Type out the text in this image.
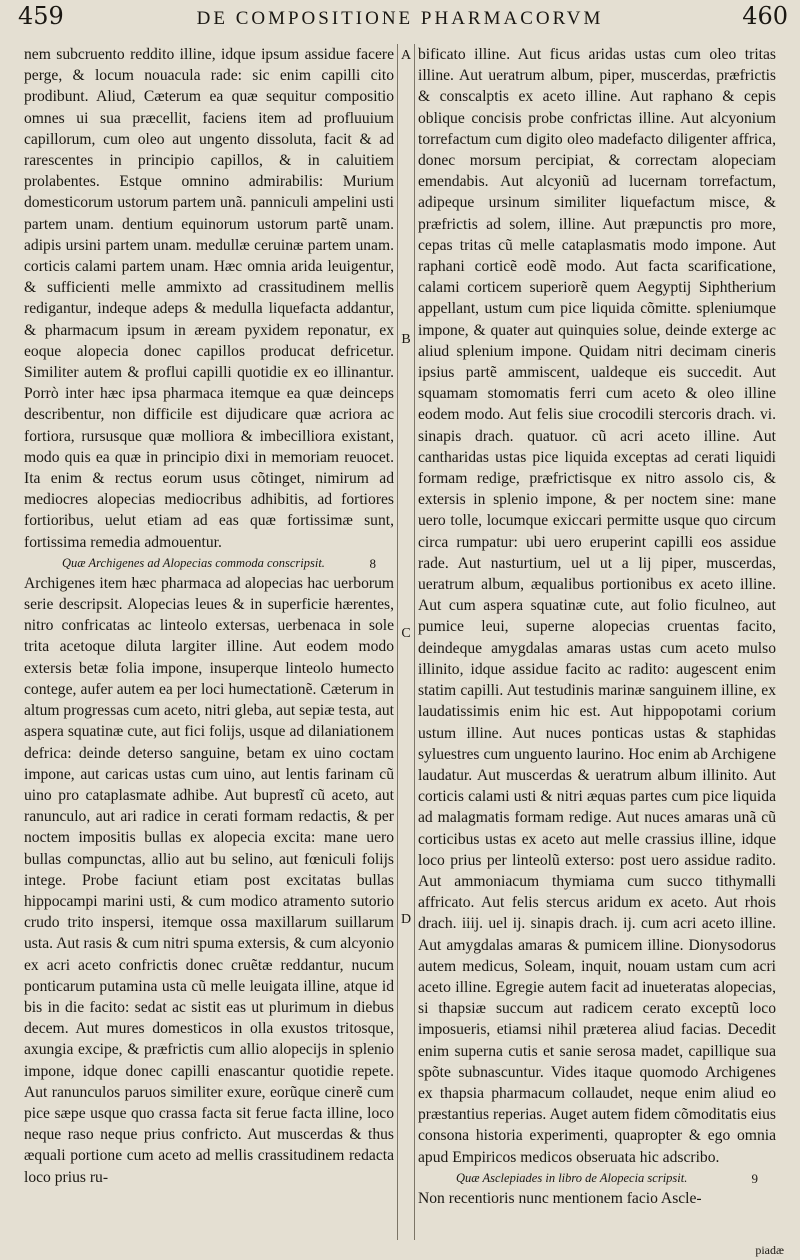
459	DE COMPOSITIONE PHARMACORVM	460
A
B
C
D

nem subcruento reddito illine, idque ipsum assidue facere perge, & locum nouacula rade: sic enim capilli cito prodibunt. Aliud, Cæterum ea quæ sequitur compositio omnes ui sua præcellit, faciens item ad profluuium capillorum, cum oleo aut ungento dissoluta, facit & ad rarescentes in principio capillos, & in caluitiem prolabentes. Estque omnino admirabilis: Murium domesticorum ustorum partem unã. panniculi ampelini usti partem unam. dentium equinorum ustorum partẽ unam. adipis ursini partem unam. medullæ ceruinæ partem unam. corticis calami partem unam. Hæc omnia arida leuigentur, & sufficienti melle ammixto ad crassitudinem mellis redigantur, indeque adeps & medulla liquefacta addantur, & pharmacum ipsum in æream pyxidem reponatur, ex eoque alopecia donec capillos producat defricetur. Similiter autem & proflui capilli quotidie ex eo illinantur. Porrò inter hæc ipsa pharmaca itemque ea quæ deinceps describentur, non difficile est dijudicare quæ acriora ac fortiora, rursusque quæ molliora & imbecilliora existant, modo quis ea quæ in principio dixi in memoriam reuocet. Ita enim & rectus eorum usus cõtinget, nimirum ad mediocres alopecias mediocribus adhibitis, ad fortiores fortioribus, uelut etiam ad eas quæ fortissimæ sunt, fortissima remedia admouentur.

Quæ Archigenes ad Alopecias commoda conscripsit.	8

Archigenes item hæc pharmaca ad alopecias hac uerborum serie descripsit. Alopecias leues & in superficie hærentes, nitro confricatas ac linteolo extersas, uerbenaca in sole trita acetoque diluta largiter illine. Aut eodem modo extersis betæ folia impone, insuperque linteolo humecto contege, aufer autem ea per loci humectationẽ. Cæterum in altum progressas cum aceto, nitri gleba, aut sepiæ testa, aut aspera squatinæ cute, aut fici folijs, usque ad dilaniationem defrica: deinde deterso sanguine, betam ex uino coctam impone, aut caricas ustas cum uino, aut lentis farinam cũ uino pro cataplasmate adhibe. Aut buprestĩ cũ aceto, aut ranunculo, aut ari radice in cerati formam redactis, & per noctem impositis bullas ex alopecia excita: mane uero bullas compunctas, allio aut bu selino, aut fœniculi folijs intege. Probe faciunt etiam post excitatas bullas hippocampi marini usti, & cum modico atramento sutorio crudo trito inspersi, itemque ossa maxillarum suillarum usta. Aut rasis & cum nitri spuma extersis, & cum alcyonio ex acri aceto confrictis donec cruẽtæ reddantur, nucum ponticarum putamina usta cũ melle leuigata illine, atque id bis in die facito: sedat ac sistit eas ut plurimum in diebus decem. Aut mures domesticos in olla exustos tritosque, axungia excipe, & præfrictis cum allio alopecijs in splenio impone, idque donec capilli enascantur quotidie repete. Aut ranunculos paruos similiter exure, eorũque cinerẽ cum pice sæpe usque quo crassa facta sit ferue facta illine, loco neque raso neque prius confricto. Aut muscerdas & thus æquali portione cum aceto ad mellis crassitudinem redacta loco prius ru-

bificato illine. Aut ficus aridas ustas cum oleo tritas illine. Aut ueratrum album, piper, muscerdas, præfrictis & conscalptis ex aceto illine. Aut raphano & cepis oblique concisis probe confrictas illine. Aut alcyonium torrefactum cum digito oleo madefacto diligenter affrica, donec morsum percipiat, & correctam alopeciam emendabis. Aut alcyoniũ ad lucernam torrefactum, adipeque ursinum similiter liquefactum misce, & præfrictis ad solem, illine. Aut præpunctis pro more, cepas tritas cũ melle cataplasmatis modo impone. Aut raphani corticẽ eodẽ modo. Aut facta scarificatione, calami corticem superiorẽ quem Aegyptij Siphtherium appellant, ustum cum pice liquida cõmitte. spleniumque impone, & quater aut quinquies solue, deinde exterge ac aliud splenium impone. Quidam nitri decimam cineris ipsius partẽ ammiscent, ualdeque eis succedit. Aut squamam stomomatis ferri cum aceto & oleo illine eodem modo. Aut felis siue crocodili stercoris drach. vi. sinapis drach. quatuor. cũ acri aceto illine. Aut cantharidas ustas pice liquida exceptas ad cerati liquidi formam redige, præfrictisque ex nitro assolo cis, & extersis in splenio impone, & per noctem sine: mane uero tolle, locumque exiccari permitte usque quo circum circa rumpatur: ubi uero eruperint capilli eos assidue rade. Aut nasturtium, uel ut a lij piper, muscerdas, ueratrum album, æqualibus portionibus ex aceto illine. Aut cum aspera squatinæ cute, aut folio ficulneo, aut pumice leui, superne alopecias cruentas facito, deindeque amygdalas amaras ustas cum aceto mulso illinito, idque assidue facito ac radito: augescent enim statim capilli. Aut testudinis marinæ sanguinem illine, ex laudatissimis enim hic est. Aut hippopotami corium ustum illine. Aut nuces ponticas ustas & staphidas syluestres cum unguento laurino. Hoc enim ab Archigene laudatur. Aut muscerdas & ueratrum album illinito. Aut corticis calami usti & nitri æquas partes cum pice liquida ad malagmatis formam redige. Aut nuces amaras unã cũ corticibus ustas ex aceto aut melle crassius illine, idque loco prius per linteolũ exterso: post uero assidue radito. Aut ammoniacum thymiama cum succo tithymalli affricato. Aut felis stercus aridum ex aceto. Aut rhois drach. iiij. uel ij. sinapis drach. ij. cum acri aceto illine. Aut amygdalas amaras & pumicem illine. Dionysodorus autem medicus, Soleam, inquit, nouam ustam cum acri aceto illine. Egregie autem facit ad inueteratas alopecias, si thapsiæ succum aut radicem cerato exceptũ loco imposueris, etiamsi nihil præterea aliud facias. Decedit enim superna cutis et sanie serosa madet, capillique sua spõte subnascuntur. Vides itaque quomodo Archigenes ex thapsia pharmacum collaudet, neque enim aliud eo præstantius reperias. Auget autem fidem cõmoditatis eius consona historia experimenti, quapropter & ego omnia apud Empiricos medicos obseruata hic adscribo.

Quæ Asclepiades in libro de Alopecia scripsit.	9

Non recentioris nunc mentionem facio Ascle-

piadæ
